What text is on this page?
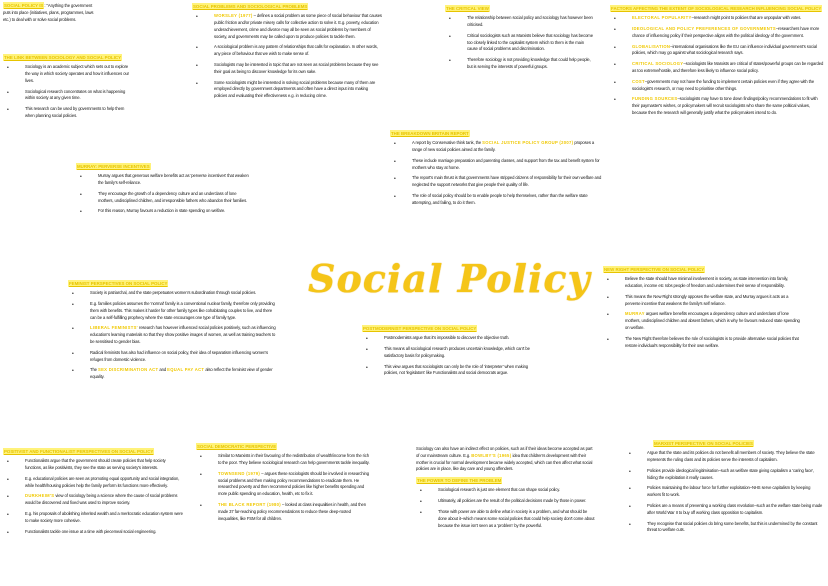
Social Policy
SOCIAL POLICY IS: "Anything the government puts into place (initiatives, plans, programmes, laws etc.) to deal with or solve social problems.
THE LINK BETWEEN SOCIOLOGY AND SOCIAL POLICY
• Sociology is an academic subject which sets out to explore the way in which society operates and how it influences our lives.
• Sociological research concentrates on what is happening within society at any given time.
• This research can be used by governments to help them when planning social policies.
SOCIAL PROBLEMS AND SOCIOLOGICAL PROBLEMS
• WORSLEY (1977) – defines a social problem as some piece of social behaviour that causes public friction and/or private misery calls for collective action to solve it. E.g. poverty, education underachievement, crime and divorce may all be seen as social problems by members of society, and governments may be called upon to produce policies to tackle them.
• A sociological problem is any pattern of relationships that calls for explanation. In other words, any piece of behaviour that we wish to make sense of.
• Sociologists may be interested in topic that are not seen as social problems because they see their goal as being to discover knowledge for its own sake.
• Some sociologists might be interested in solving social problems because many of them are employed directly by government departments and often have a direct input into making policies and evaluating their effectiveness e.g. in reducing crime.
THE CRITICAL VIEW
• The relationship between social policy and sociology has however been criticised.
• Critical sociologists such as Marxists believe that sociology has become too closely linked to the capitalist system which to them is the main cause of social problems and discrimination.
• Therefore sociology is not providing knowledge that could help people, but is serving the interests of powerful groups.
FACTORS AFFECTING THE EXTENT OF SOCIOLOGICAL RESEARCH INFLUENCING SOCIAL POLICY
• ELECTORAL POPULARITY–research might point to policies that are unpopular with votes.
• IDEOLOGICAL AND POLICY PREFERENCES OF GOVERNMENTS–researchers have more chance of influencing policy if their perspective aligns with the political ideology of the government.
• GLOBALISATION–international organisations like the EU can influence individual government's social policies, which may go against what sociological research says.
• CRITICAL SOCIOLOGY–sociologists like Marxists are critical of states/powerful groups can be regarded as too extreme/hostile, and therefore less likely to influence social policy.
• COST–governments may not have the funding to implement certain policies even if they agree with the sociologist's research, or may need to prioritise other things.
• FUNDING SOURCES–sociologists may have to tone down findings/policy recommendations to fit with their paymaster's wishes, or policymakers will recruit sociologists who share the same political values, because then the research will generally justify what the policymakers intend to do.
MURRAY: PERVERSE INCENTIVES
• Murray argues that generous welfare benefits act as 'perverse incentives' that weaken the family's self-reliance.
• They encourage the growth of a dependency culture and an underclass of lone mothers, undisciplined children, and irresponsible fathers who abandon their families.
• For this reason, Murray favours a reduction in state spending on welfare.
THE BREAKDOWN BRITAIN REPORT
• A report by Conservative think tank, the SOCIAL JUSTICE POLICY GROUP (2007) proposes a range of new social policies aimed at the family.
• These include marriage preparation and parenting classes, and support from the tax and benefit system for mothers who stay at home.
• The report's main thrust is that governments have stripped citizens of responsibility for their own welfare and neglected the support networks that give people their quality of life.
• The role of social policy should be to enable people to help themselves, rather than the welfare state attempting, and failing, to do it them.
FEMINIST PERSPECTIVES ON SOCIAL POLICY
• Society is patriarchal, and the state perpetuates women's subordination through social policies.
• E.g. families policies assumes the 'normal' family is a conventional nuclear family, therefore only providing them with benefits. This makes it harder for other family types like cohabitating couples to live, and there can be a self-fulfilling prophecy where the state encourages one type of family type.
• LIBERAL FEMINISTS' research has however influenced social policies positively, such as influencing education's learning materials so that they show positive images of women, as well as training teachers to be sensitised to gender bias.
• Radical feminists has also had influence on social policy, their idea of separatism influencing women's refuges from domestic violence.
• The SEX DISCRIMINATION ACT and EQUAL PAY ACT also reflect the feminist view of gender equality.
POSTMODERNIST PERSPECTIVE ON SOCIAL POLICY
• Postmodernists argue that it's impossible to discover the objective truth.
• This means all sociological research produces uncertain knowledge, which can't be satisfactory basis for policymaking.
• This view argues that sociologists can only be the role of 'interpreter' when making policies, not 'legislators' like Functionalists and social democrats argue.
NEW RIGHT PERSPECTIVE ON SOCIAL POLICY
• Believe the state should have minimal involvement in society, as state intervention into family, education, income etc robs people of freedom and undermines their sense of responsibility.
• This means the New Right strongly opposes the welfare state, and Murray argues it acts as a perverse incentive that weakens the family's self reliance.
• MURRAY argues welfare benefits encourages a dependency culture and underclass of lone mothers, undisciplined children and absent fathers, which is why he favours reduced state spending on welfare.
• The New Right therefore believes the role of sociologists is to provide alternative social policies that restore individual's responsibility for their own welfare.
POSITIVIST AND FUNCTIONALIST PERSPECTIVES ON SOCIAL POLICY
• Functionalists argue that the government should create policies that help society functions, as like positivists, they see the state as serving society's interests.
• E.g. educational policies are seen as promoting equal opportunity and social integration, while health/housing policies help the family perform its functions more effectively.
• DURKHEIM'S view of sociology being a science where the cause of social problems would be discovered and fixed was used to improve society.
• E.g. his proposals of abolishing inherited wealth and a meritocratic education system were to make society more cohesive.
• Functionalists tackle one issue at a time with piecemeal social engineering.
SOCIAL DEMOCRATIC PERSPECTIVE
• Similar to Marxists in their favouring of the redistribution of wealth/income from the rich to the poor. They believe sociological research can help governments tackle inequality.
• TOWNSEND (1979) – argues these sociologists should be involved in researching social problems and then making policy recommendations to eradicate them. He researched poverty and then recommend policies like higher benefits spending and more public spending on education, health, etc to fix it.
• THE BLACK REPORT (1980) – looked at class inequalities in health, and then made 37 far-reaching policy recommendations to reduce these deep-rooted inequalities, like FSM for all children.

Sociology can also have an indirect effect on policies, such as if their ideas become accepted as part of our mainstream culture. E.g. BOWLBY'S (1965) idea that children's development with their mother is crucial for normal development became widely accepted, which can then affect what social policies are in place, like day care and young offenders.

THE POWER TO DEFINE THE PROBLEM
• Sociological research is just one element that can shape social policy.
• Ultimately, all policies are the result of the political decisions made by those in power.
• Those with power are able to define what in society is a problem, and what should be done about it–which means some social policies that could help society don't come about because the issue isn't seen as a 'problem' by the powerful.
MARXIST PERSPECTIVE ON SOCIAL POLICIES
• Argue that the state and its policies do not benefit all members of society. They believe the state represents the ruling class and its policies serve the interests of capitalism.
• Policies provide ideological legitimisation–such as welfare state giving capitalism a 'caring face', hiding the exploitation it really causes.
• Policies maintaining the labour force for further exploitation–NHS serve capitalism by keeping workers fit to work.
• Policies are a means of preventing a working class revolution–such as the welfare state being made after World War II to buy off working class opposition to capitalism.
• They recognise that social policies do bring some benefits, but this is undermined by the constant threat to welfare cuts.
